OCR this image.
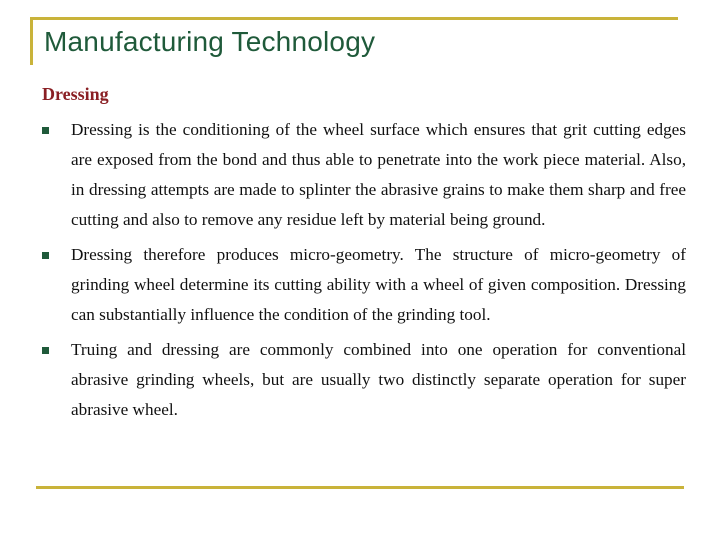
Manufacturing Technology
Dressing
Dressing is the conditioning of the wheel surface which ensures that grit cutting edges are exposed from the bond and thus able to penetrate into the work piece material. Also, in dressing attempts are made to splinter the abrasive grains to make them sharp and free cutting and also to remove any residue left by material being ground.
Dressing therefore produces micro-geometry. The structure of micro-geometry of grinding wheel determine its cutting ability with a wheel of given composition. Dressing can substantially influence the condition of the grinding tool.
Truing and dressing are commonly combined into one operation for conventional abrasive grinding wheels, but are usually two distinctly separate operation for super abrasive wheel.
